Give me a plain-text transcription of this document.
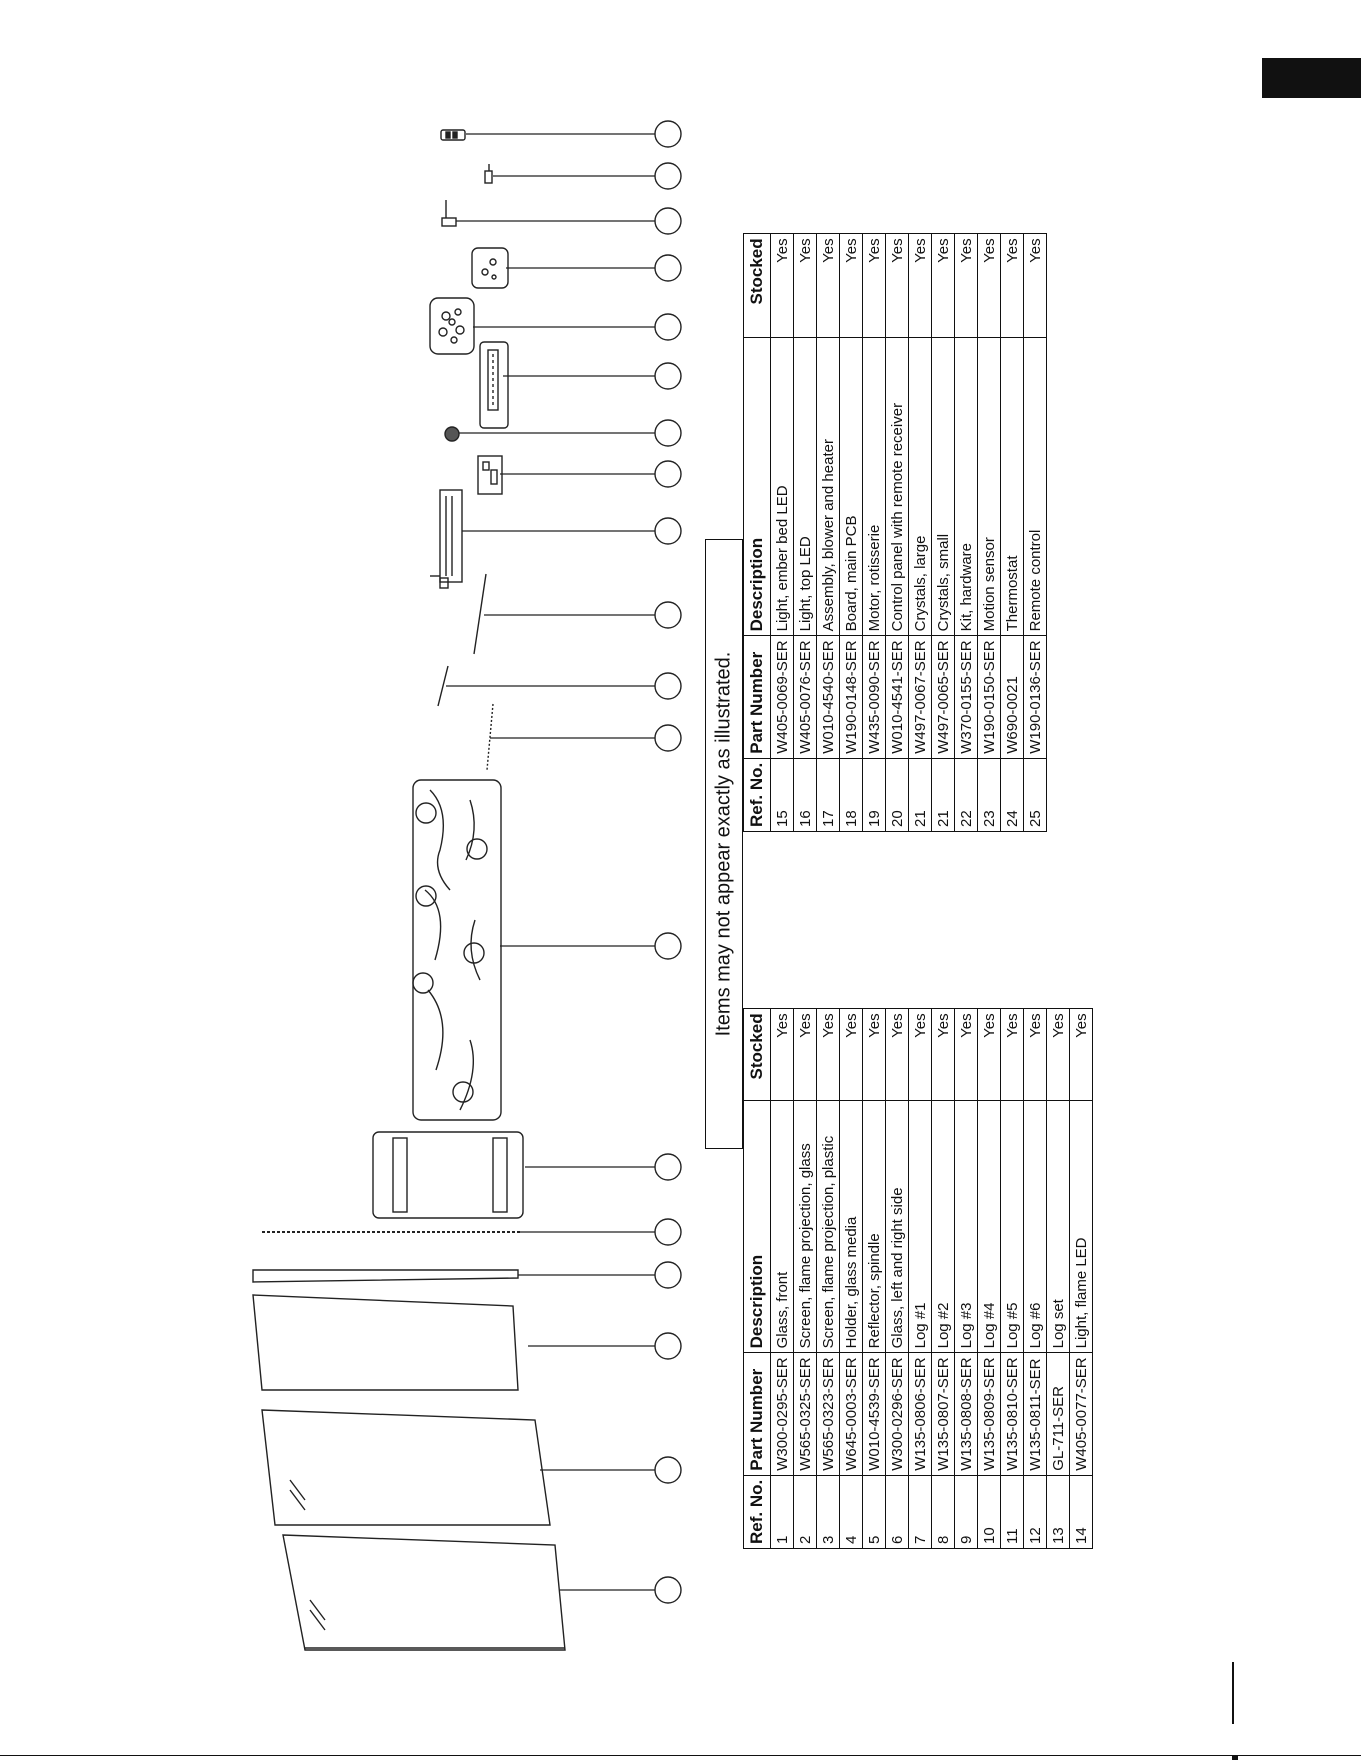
Items may not appear exactly as illustrated.
Ref. No.	Part Number	Description	Stocked
1	W300-0295-SER	Glass, front	Yes
2	W565-0325-SER	Screen, flame projection, glass	Yes
3	W565-0323-SER	Screen, flame projection, plastic	Yes
4	W645-0003-SER	Holder, glass media	Yes
5	W010-4539-SER	Reflector, spindle	Yes
6	W300-0296-SER	Glass, left and right side	Yes
7	W135-0806-SER	Log #1	Yes
8	W135-0807-SER	Log #2	Yes
9	W135-0808-SER	Log #3	Yes
10	W135-0809-SER	Log #4	Yes
11	W135-0810-SER	Log #5	Yes
12	W135-0811-SER	Log #6	Yes
13	GL-711-SER	Log set	Yes
14	W405-0077-SER	Light, flame LED	Yes
Ref. No.	Part Number	Description	Stocked
15	W405-0069-SER	Light, ember bed LED	Yes
16	W405-0076-SER	Light, top LED	Yes
17	W010-4540-SER	Assembly, blower and heater	Yes
18	W190-0148-SER	Board, main PCB	Yes
19	W435-0090-SER	Motor, rotisserie	Yes
20	W010-4541-SER	Control panel with remote receiver	Yes
21	W497-0067-SER	Crystals, large	Yes
21	W497-0065-SER	Crystals, small	Yes
22	W370-0155-SER	Kit, hardware	Yes
23	W190-0150-SER	Motion sensor	Yes
24	W690-0021	Thermostat	Yes
25	W190-0136-SER	Remote control	Yes
